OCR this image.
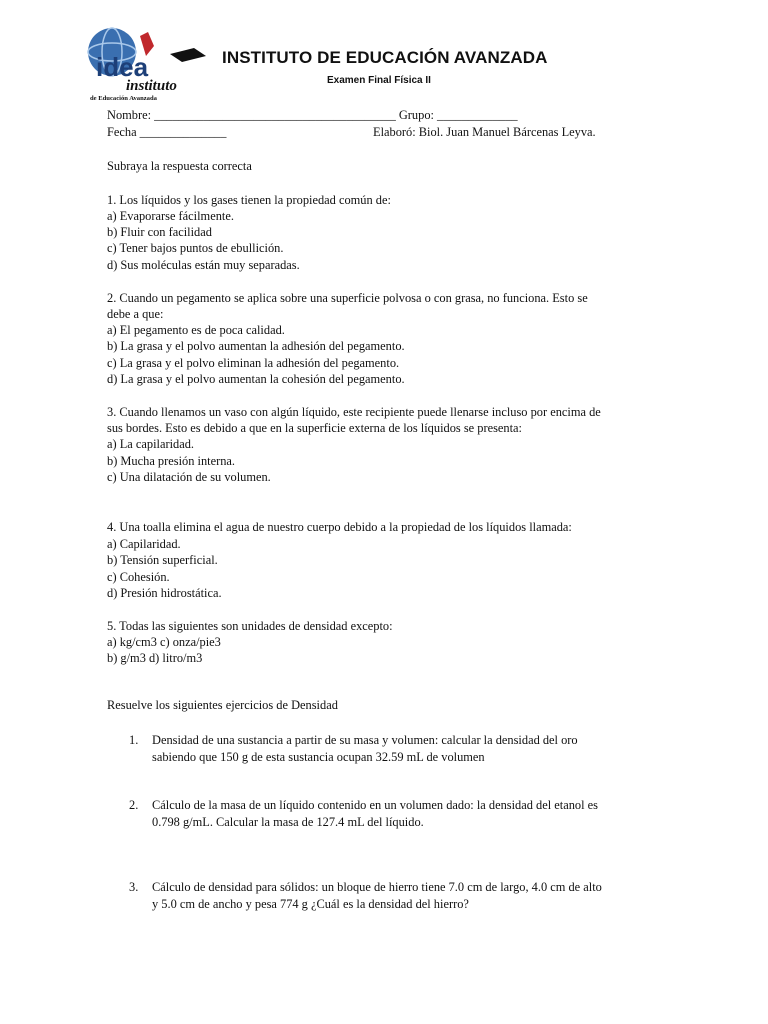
idea
instituto
de Educación Avanzada
INSTITUTO DE EDUCACIÓN AVANZADA
Examen Final Física II
Nombre: _______________________________________ Grupo: _____________
Fecha ______________	Elaboró: Biol. Juan Manuel Bárcenas Leyva.
Subraya la respuesta correcta
1. Los líquidos y los gases tienen la propiedad común de:
a) Evaporarse fácilmente.
b) Fluir con facilidad
c) Tener bajos puntos de ebullición.
d) Sus moléculas están muy separadas.
2. Cuando un pegamento se aplica sobre una superficie polvosa o con grasa, no funciona. Esto se
debe a que:
a) El pegamento es de poca calidad.
b) La grasa y el polvo aumentan la adhesión del pegamento.
c) La grasa y el polvo eliminan la adhesión del pegamento.
d) La grasa y el polvo aumentan la cohesión del pegamento.
3. Cuando llenamos un vaso con algún líquido, este recipiente puede llenarse incluso por encima de
sus bordes. Esto es debido a que en la superficie externa de los líquidos se presenta:
a) La capilaridad.
b) Mucha presión interna.
c) Una dilatación de su volumen.
4. Una toalla elimina el agua de nuestro cuerpo debido a la propiedad de los líquidos llamada:
a) Capilaridad.
b) Tensión superficial.
c) Cohesión.
d) Presión hidrostática.
5. Todas las siguientes son unidades de densidad excepto:
a) kg/cm3 c) onza/pie3
b) g/m3 d) litro/m3
Resuelve los siguientes ejercicios de Densidad
1. Densidad de una sustancia a partir de su masa y volumen: calcular la densidad del oro
sabiendo que 150 g de esta sustancia ocupan 32.59 mL de volumen
2. Cálculo de la masa de un líquido contenido en un volumen dado: la densidad del etanol es
0.798 g/mL. Calcular la masa de 127.4 mL del líquido.
3. Cálculo de densidad para sólidos: un bloque de hierro tiene 7.0 cm de largo, 4.0 cm de alto
y 5.0 cm de ancho y pesa 774 g ¿Cuál es la densidad del hierro?
